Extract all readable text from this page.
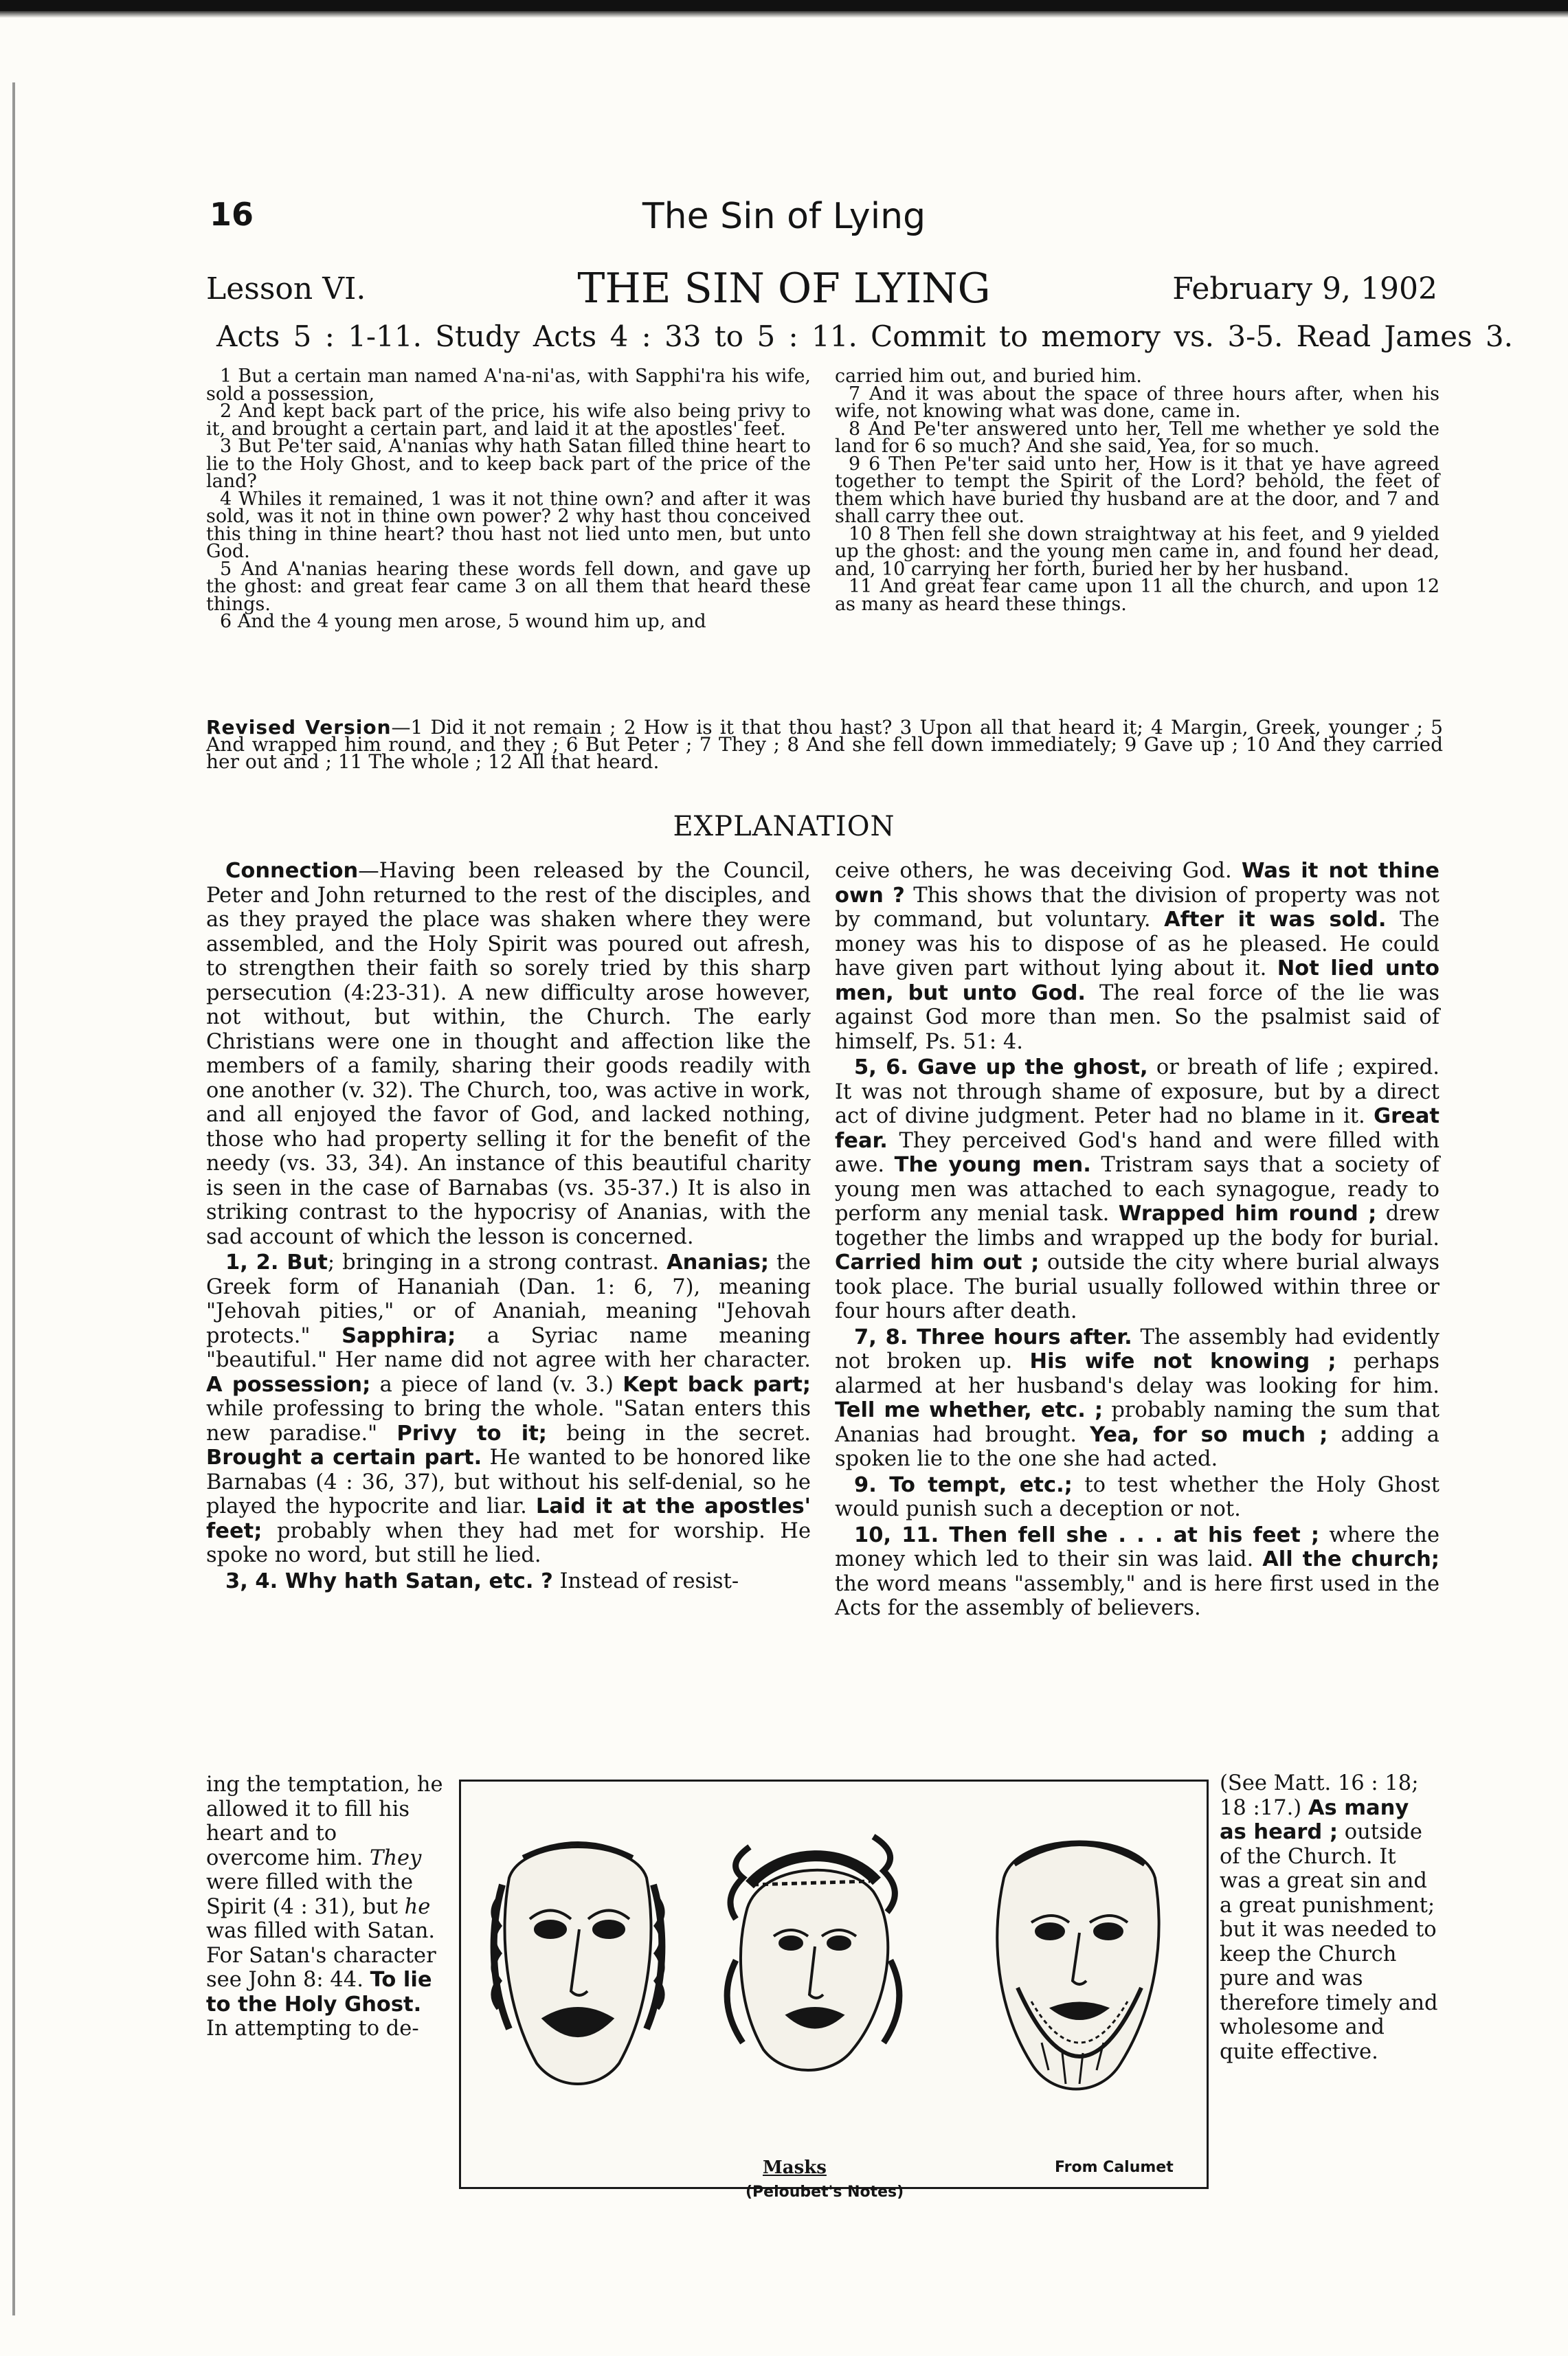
16	The Sin of Lying
Lesson VI.	THE SIN OF LYING	February 9, 1902
Acts 5 : 1-11. Study Acts 4 : 33 to 5 : 11. Commit to memory vs. 3-5. Read James 3.

1 But a certain man named A'na-ni'as, with Sapphi'ra his wife, sold a possession,

2 And kept back part of the price, his wife also being privy to it, and brought a certain part, and laid it at the apostles' feet.

3 But Pe'ter said, A'nanias why hath Satan filled thine heart to lie to the Holy Ghost, and to keep back part of the price of the land?

4 Whiles it remained, 1 was it not thine own? and after it was sold, was it not in thine own power? 2 why hast thou conceived this thing in thine heart? thou hast not lied unto men, but unto God.

5 And A'nanias hearing these words fell down, and gave up the ghost: and great fear came 3 on all them that heard these things.

6 And the 4 young men arose, 5 wound him up, and

carried him out, and buried him.

7 And it was about the space of three hours after, when his wife, not knowing what was done, came in.

8 And Pe'ter answered unto her, Tell me whether ye sold the land for 6 so much? And she said, Yea, for so much.

9 6 Then Pe'ter said unto her, How is it that ye have agreed together to tempt the Spirit of the Lord? behold, the feet of them which have buried thy husband are at the door, and 7 and shall carry thee out.

10 8 Then fell she down straightway at his feet, and 9 yielded up the ghost: and the young men came in, and found her dead, and, 10 carrying her forth, buried her by her husband.

11 And great fear came upon 11 all the church, and upon 12 as many as heard these things.

Revised Version—1 Did it not remain ; 2 How is it that thou hast? 3 Upon all that heard it; 4 Margin, Greek, younger ; 5 And wrapped him round, and they ; 6 But Peter ; 7 They ; 8 And she fell down immediately; 9 Gave up ; 10 And they carried her out and ; 11 The whole ; 12 All that heard.
EXPLANATION

Connection—Having been released by the Council, Peter and John returned to the rest of the disciples, and as they prayed the place was shaken where they were assembled, and the Holy Spirit was poured out afresh, to strengthen their faith so sorely tried by this sharp persecution (4:23-31). A new difficulty arose however, not without, but within, the Church. The early Christians were one in thought and affection like the members of a family, sharing their goods readily with one another (v. 32). The Church, too, was active in work, and all enjoyed the favor of God, and lacked nothing, those who had property selling it for the benefit of the needy (vs. 33, 34). An instance of this beautiful charity is seen in the case of Barnabas (vs. 35-37.) It is also in striking contrast to the hypocrisy of Ananias, with the sad account of which the lesson is concerned.

1, 2. But; bringing in a strong contrast. Ananias; the Greek form of Hananiah (Dan. 1: 6, 7), meaning "Jehovah pities," or of Ananiah, meaning "Jehovah protects." Sapphira; a Syriac name meaning "beautiful." Her name did not agree with her character. A possession; a piece of land (v. 3.) Kept back part; while professing to bring the whole. "Satan enters this new paradise." Privy to it; being in the secret. Brought a certain part. He wanted to be honored like Barnabas (4 : 36, 37), but without his self-denial, so he played the hypocrite and liar. Laid it at the apostles' feet; probably when they had met for worship. He spoke no word, but still he lied.

3, 4. Why hath Satan, etc. ? Instead of resist-

ing the temptation, he allowed it to fill his heart and to overcome him. They were filled with the Spirit (4 : 31), but he was filled with Satan. For Satan's character see John 8: 44. To lie to the Holy Ghost. In attempting to de-

ceive others, he was deceiving God. Was it not thine own ? This shows that the division of property was not by command, but voluntary. After it was sold. The money was his to dispose of as he pleased. He could have given part without lying about it. Not lied unto men, but unto God. The real force of the lie was against God more than men. So the psalmist said of himself, Ps. 51: 4.

5, 6. Gave up the ghost, or breath of life ; expired. It was not through shame of exposure, but by a direct act of divine judgment. Peter had no blame in it. Great fear. They perceived God's hand and were filled with awe. The young men. Tristram says that a society of young men was attached to each synagogue, ready to perform any menial task. Wrapped him round ; drew together the limbs and wrapped up the body for burial. Carried him out ; outside the city where burial always took place. The burial usually followed within three or four hours after death.

7, 8. Three hours after. The assembly had evidently not broken up. His wife not knowing ; perhaps alarmed at her husband's delay was looking for him. Tell me whether, etc. ; probably naming the sum that Ananias had brought. Yea, for so much ; adding a spoken lie to the one she had acted.

9. To tempt, etc.; to test whether the Holy Ghost would punish such a deception or not.

10, 11. Then fell she . . . at his feet ; where the money which led to their sin was laid. All the church; the word means "assembly," and is here first used in the Acts for the assembly of believers.

(See Matt. 16 : 18; 18 :17.) As many as heard ; outside of the Church. It was a great sin and a great punishment; but it was needed to keep the Church pure and was therefore timely and wholesome and quite effective.
Masks	From Calumet
(Peloubet's Notes)
